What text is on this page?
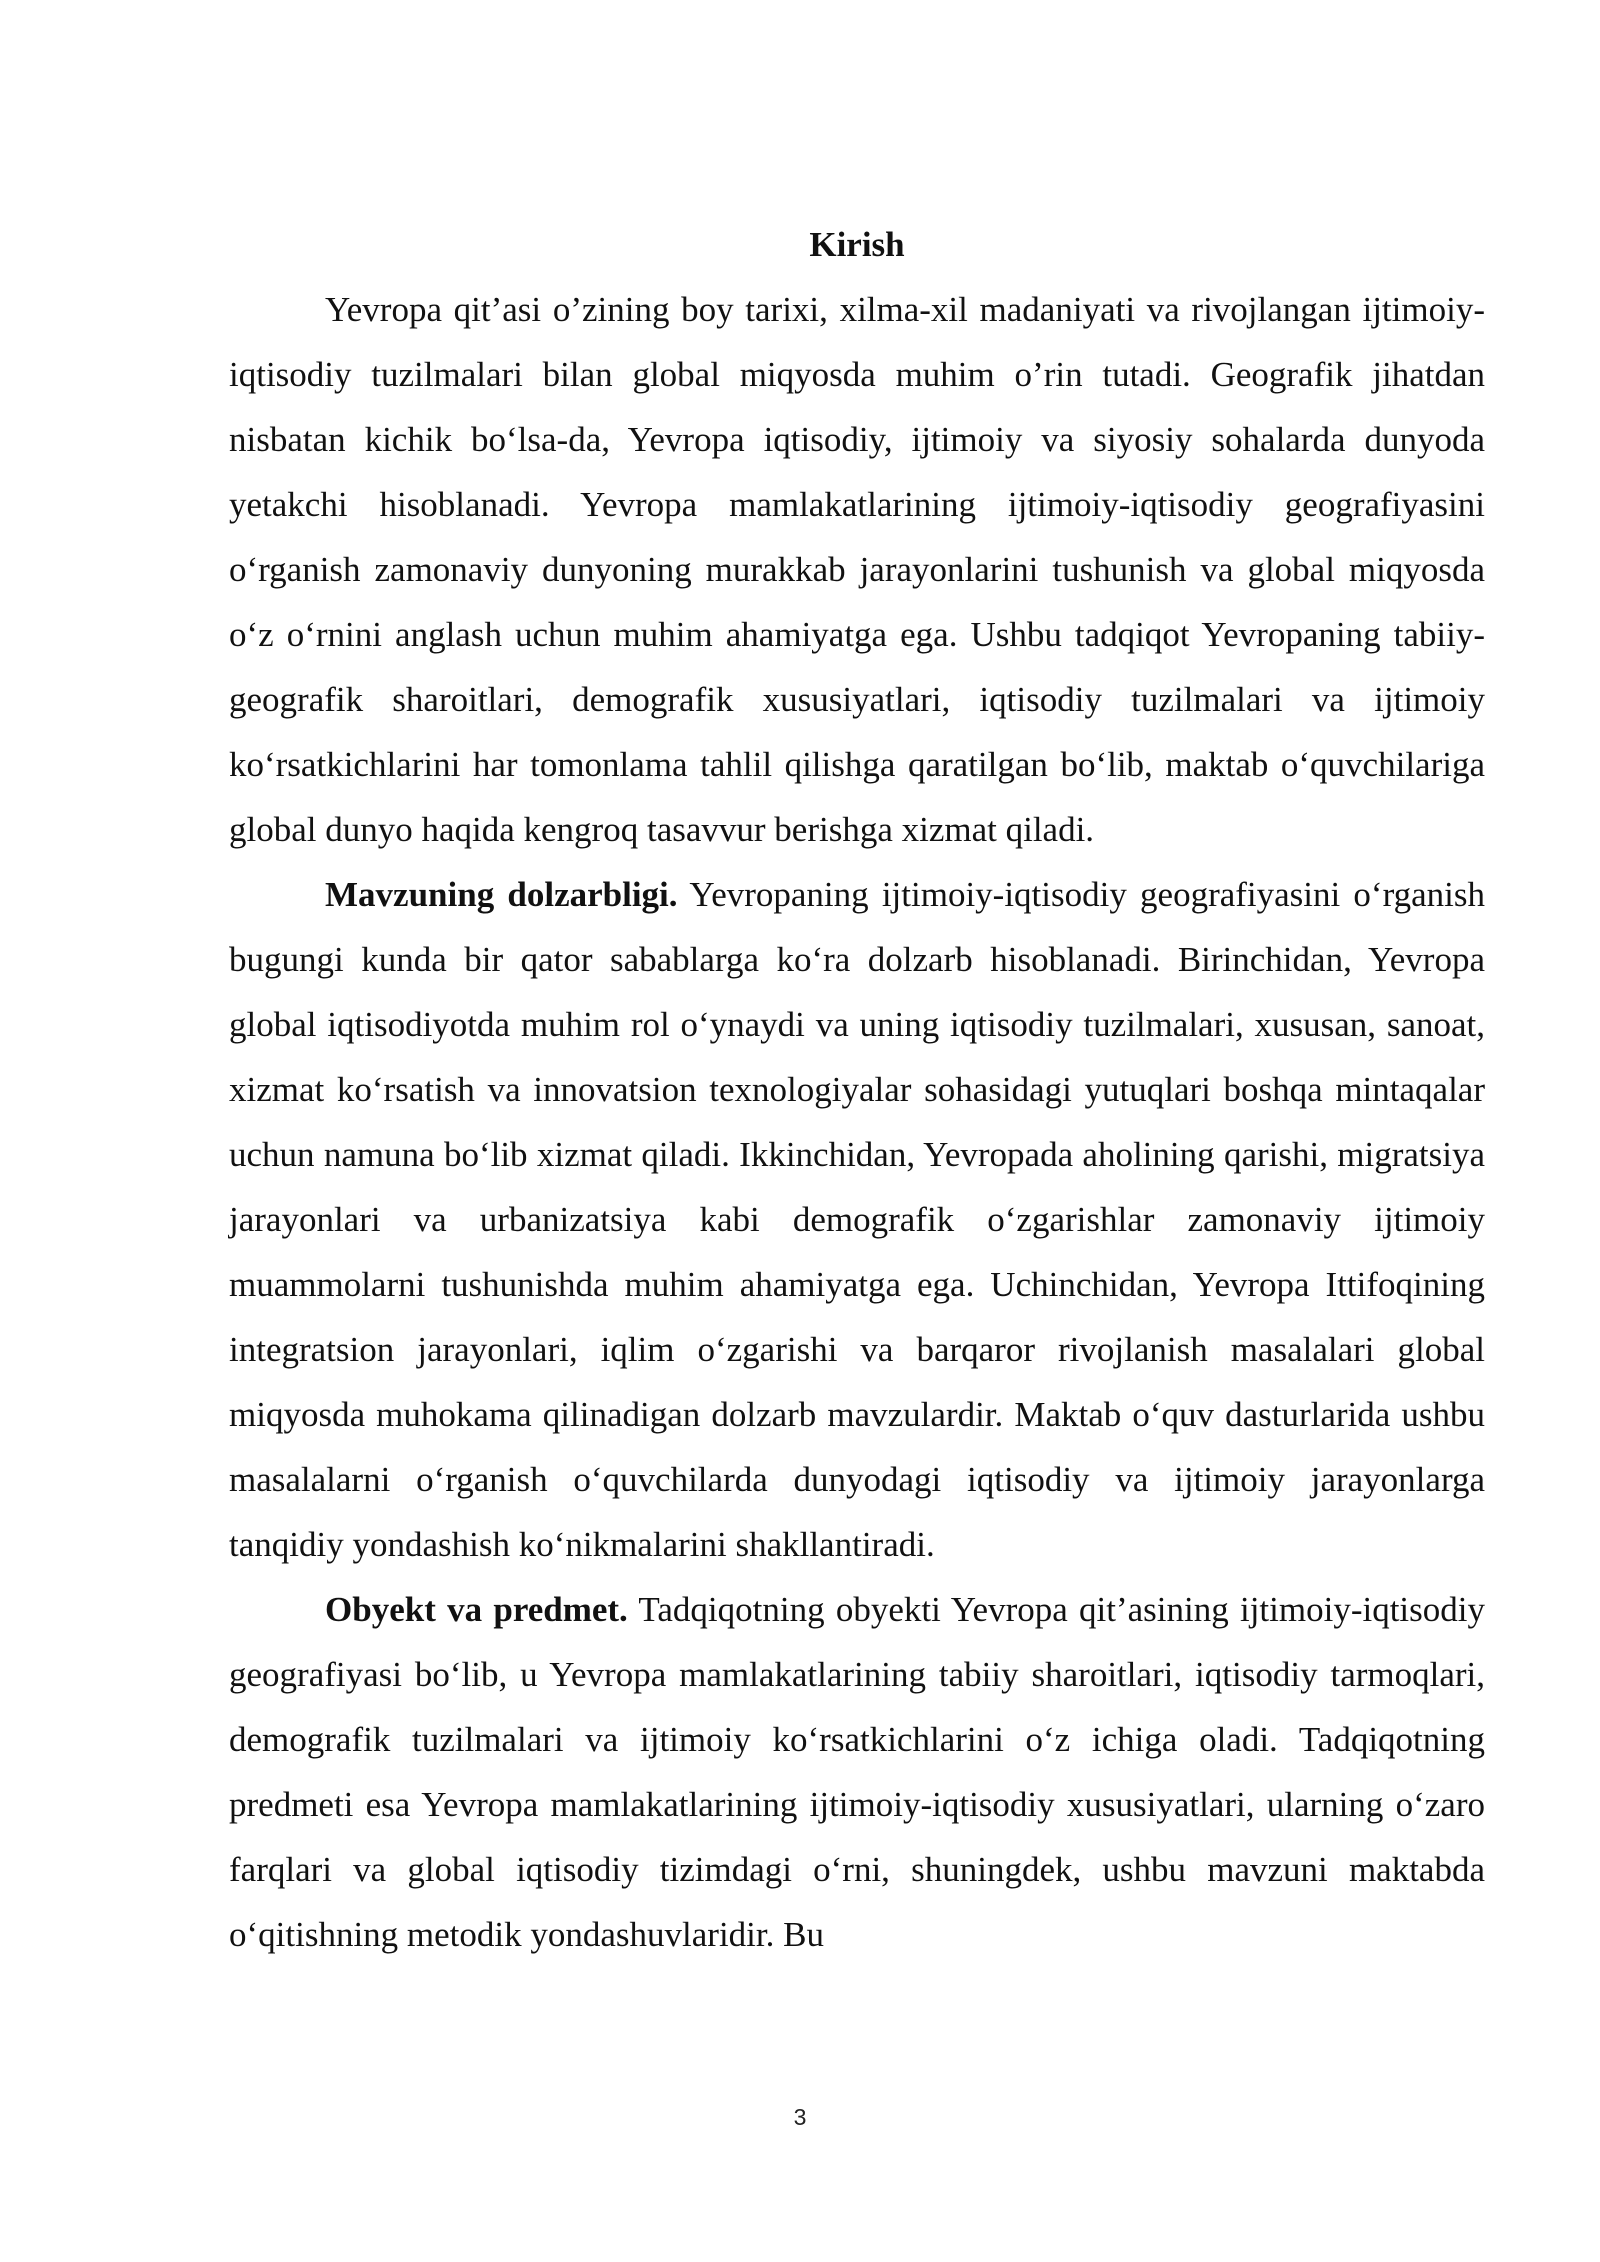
Kirish

Yevropa qit’asi o’zining boy tarixi, xilma-xil madaniyati va rivojlangan ijtimoiy-iqtisodiy tuzilmalari bilan global miqyosda muhim o’rin tutadi. Geografik jihatdan nisbatan kichik bo‘lsa-da, Yevropa iqtisodiy, ijtimoiy va siyosiy sohalarda dunyoda yetakchi hisoblanadi. Yevropa mamlakatlarining ijtimoiy-iqtisodiy geografiyasini o‘rganish zamonaviy dunyoning murakkab jarayonlarini tushunish va global miqyosda o‘z o‘rnini anglash uchun muhim ahamiyatga ega. Ushbu tadqiqot Yevropaning tabiiy-geografik sharoitlari, demografik xususiyatlari, iqtisodiy tuzilmalari va ijtimoiy ko‘rsatkichlarini har tomonlama tahlil qilishga qaratilgan bo‘lib, maktab o‘quvchilariga global dunyo haqida kengroq tasavvur berishga xizmat qiladi.

Mavzuning dolzarbligi. Yevropaning ijtimoiy-iqtisodiy geografiyasini o‘rganish bugungi kunda bir qator sabablarga ko‘ra dolzarb hisoblanadi. Birinchidan, Yevropa global iqtisodiyotda muhim rol o‘ynaydi va uning iqtisodiy tuzilmalari, xususan, sanoat, xizmat ko‘rsatish va innovatsion texnologiyalar sohasidagi yutuqlari boshqa mintaqalar uchun namuna bo‘lib xizmat qiladi. Ikkinchidan, Yevropada aholining qarishi, migratsiya jarayonlari va urbanizatsiya kabi demografik o‘zgarishlar zamonaviy ijtimoiy muammolarni tushunishda muhim ahamiyatga ega. Uchinchidan, Yevropa Ittifoqining integratsion jarayonlari, iqlim o‘zgarishi va barqaror rivojlanish masalalari global miqyosda muhokama qilinadigan dolzarb mavzulardir. Maktab o‘quv dasturlarida ushbu masalalarni o‘rganish o‘quvchilarda dunyodagi iqtisodiy va ijtimoiy jarayonlarga tanqidiy yondashish ko‘nikmalarini shakllantiradi.

Obyekt va predmet. Tadqiqotning obyekti Yevropa qit’asining ijtimoiy-iqtisodiy geografiyasi bo‘lib, u Yevropa mamlakatlarining tabiiy sharoitlari, iqtisodiy tarmoqlari, demografik tuzilmalari va ijtimoiy ko‘rsatkichlarini o‘z ichiga oladi. Tadqiqotning predmeti esa Yevropa mamlakatlarining ijtimoiy-iqtisodiy xususiyatlari, ularning o‘zaro farqlari va global iqtisodiy tizimdagi o‘rni, shuningdek, ushbu mavzuni maktabda o‘qitishning metodik yondashuvlaridir. Bu

3
